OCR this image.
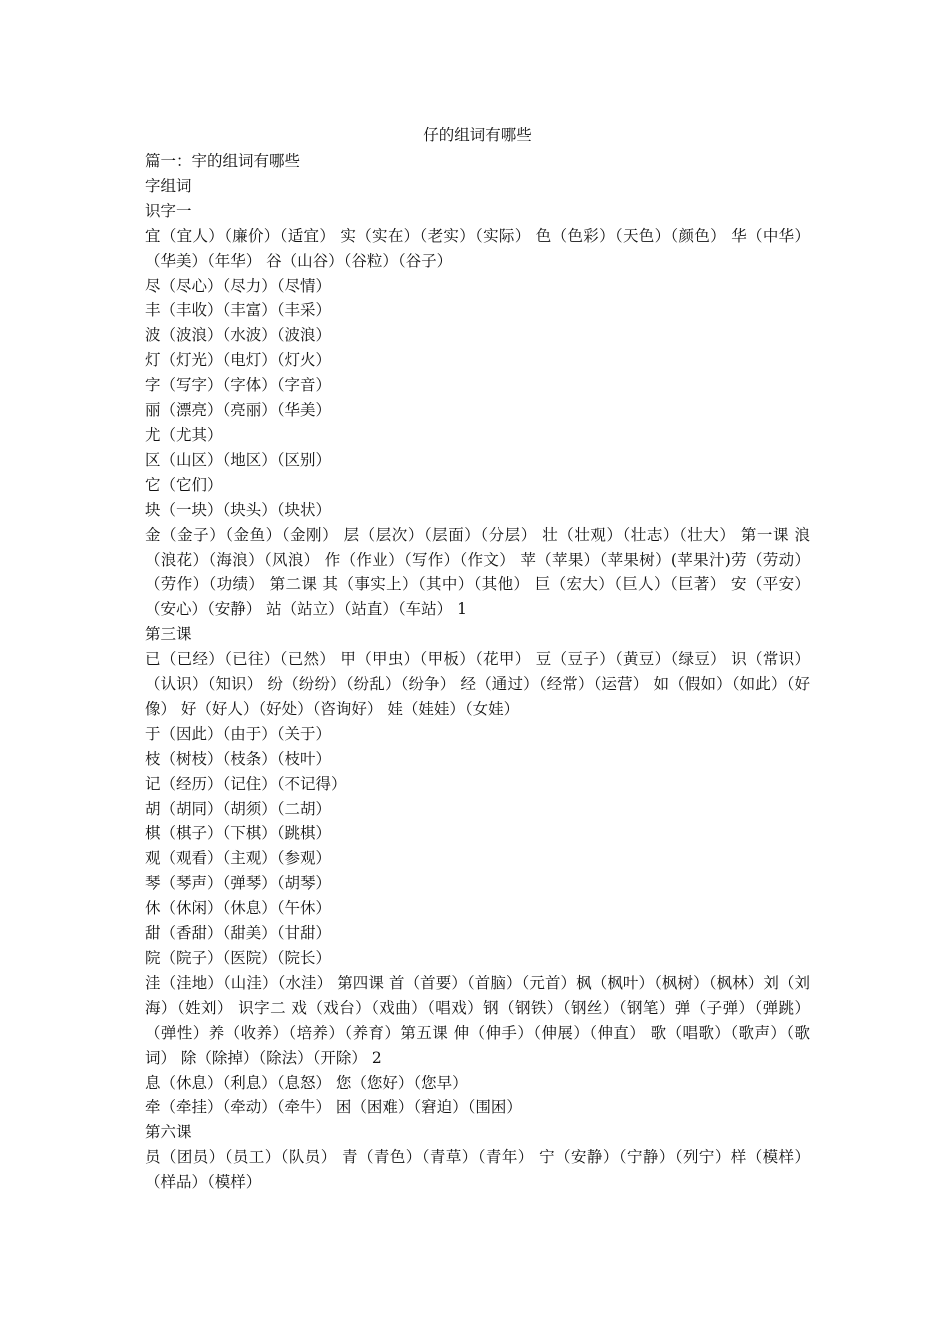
仔的组词有哪些

篇一：宇的组词有哪些

字组词

识字一

宜（宜人）（廉价）（适宜） 实（实在）（老实）（实际） 色（色彩）（天色）（颜色） 华（中华）（华美）（年华） 谷（山谷）（谷粒）（谷子）

尽（尽心）（尽力）（尽情）

丰（丰收）（丰富）（丰采）

波（波浪）（水波）（波浪）

灯（灯光）（电灯）（灯火）

字（写字）（字体）（字音）

丽（漂亮）（亮丽）（华美）

尤（尤其）

区（山区）（地区）（区别）

它（它们）

块（一块）（块头）（块状）

金（金子）（金鱼）（金刚） 层（层次）（层面）（分层） 壮（壮观）（壮志）（壮大） 第一课 浪（浪花）（海浪）（风浪） 作（作业）（写作）（作文） 苹（苹果）（苹果树）(苹果汁)劳（劳动）（劳作）（功绩） 第二课 其（事实上）（其中）（其他） 巨（宏大）（巨人）（巨著） 安（平安）（安心）（安静） 站（站立）（站直）（车站） 1

第三课

已（已经）（已往）（已然） 甲（甲虫）（甲板）（花甲） 豆（豆子）（黄豆）（绿豆） 识（常识）（认识）（知识） 纷（纷纷）（纷乱）（纷争） 经（通过）（经常）（运营） 如（假如）（如此）（好像） 好（好人）（好处）（咨询好） 娃（娃娃）（女娃）

于（因此）（由于）（关于）

枝（树枝）（枝条）（枝叶）

记（经历）（记住）（不记得）

胡（胡同）（胡须）（二胡）

棋（棋子）（下棋）（跳棋）

观（观看）（主观）（参观）

琴（琴声）（弹琴）（胡琴）

休（休闲）（休息）（午休）

甜（香甜）（甜美）（甘甜）

院（院子）（医院）（院长）

洼（洼地）（山洼）（水洼） 第四课 首（首要）（首脑）（元首）枫（枫叶）（枫树）（枫林）刘（刘海）（姓刘） 识字二 戏（戏台）（戏曲）（唱戏）钢（钢铁）（钢丝）（钢笔）弹（子弹）（弹跳）（弹性）养（收养）（培养）（养育）第五课 伸（伸手）（伸展）（伸直） 歌（唱歌）（歌声）（歌词） 除（除掉）（除法）（开除） 2

息（休息）（利息）（息怒） 您（您好）（您早）

牵（牵挂）（牵动）（牵牛） 困（困难）（窘迫）（围困）

第六课

员（团员）（员工）（队员） 青（青色）（青草）（青年） 宁（安静）（宁静）（列宁）样（模样）（样品）（模样）
